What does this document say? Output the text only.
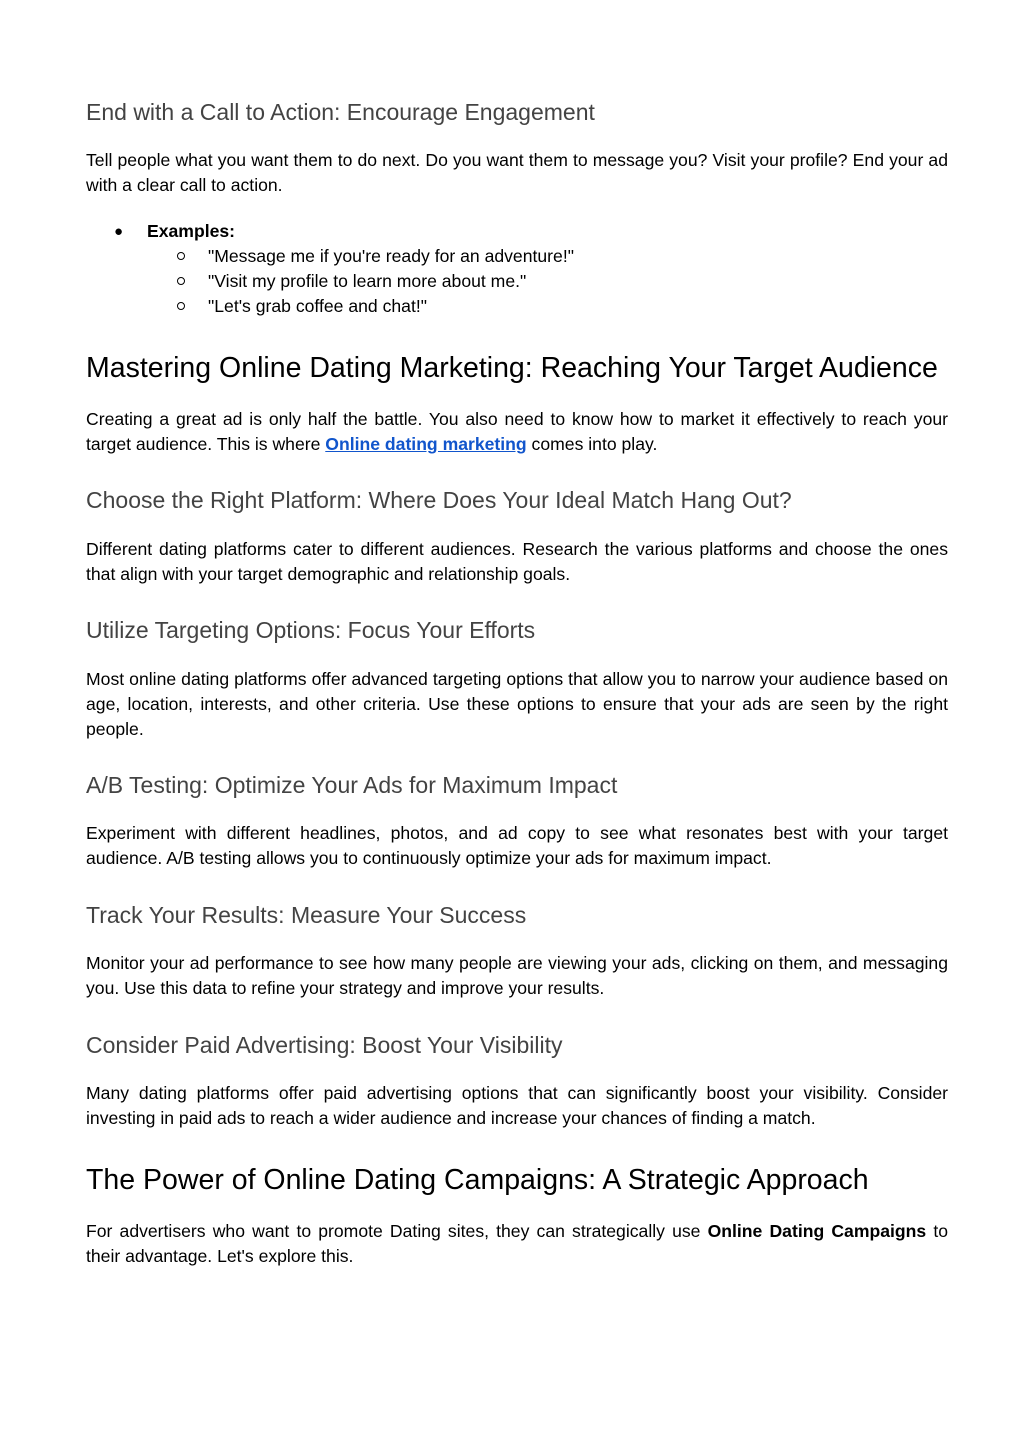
End with a Call to Action: Encourage Engagement

Tell people what you want them to do next. Do you want them to message you? Visit your profile? End your ad with a clear call to action.

● Examples:
"Message me if you're ready for an adventure!"
"Visit my profile to learn more about me."
"Let's grab coffee and chat!"
Mastering Online Dating Marketing: Reaching Your Target Audience

Creating a great ad is only half the battle. You also need to know how to market it effectively to reach your target audience. This is where Online dating marketing comes into play.

Choose the Right Platform: Where Does Your Ideal Match Hang Out?

Different dating platforms cater to different audiences. Research the various platforms and choose the ones that align with your target demographic and relationship goals.

Utilize Targeting Options: Focus Your Efforts

Most online dating platforms offer advanced targeting options that allow you to narrow your audience based on age, location, interests, and other criteria. Use these options to ensure that your ads are seen by the right people.

A/B Testing: Optimize Your Ads for Maximum Impact

Experiment with different headlines, photos, and ad copy to see what resonates best with your target audience. A/B testing allows you to continuously optimize your ads for maximum impact.

Track Your Results: Measure Your Success

Monitor your ad performance to see how many people are viewing your ads, clicking on them, and messaging you. Use this data to refine your strategy and improve your results.

Consider Paid Advertising: Boost Your Visibility

Many dating platforms offer paid advertising options that can significantly boost your visibility. Consider investing in paid ads to reach a wider audience and increase your chances of finding a match.

The Power of Online Dating Campaigns: A Strategic Approach

For advertisers who want to promote Dating sites, they can strategically use Online Dating Campaigns to their advantage. Let's explore this.
